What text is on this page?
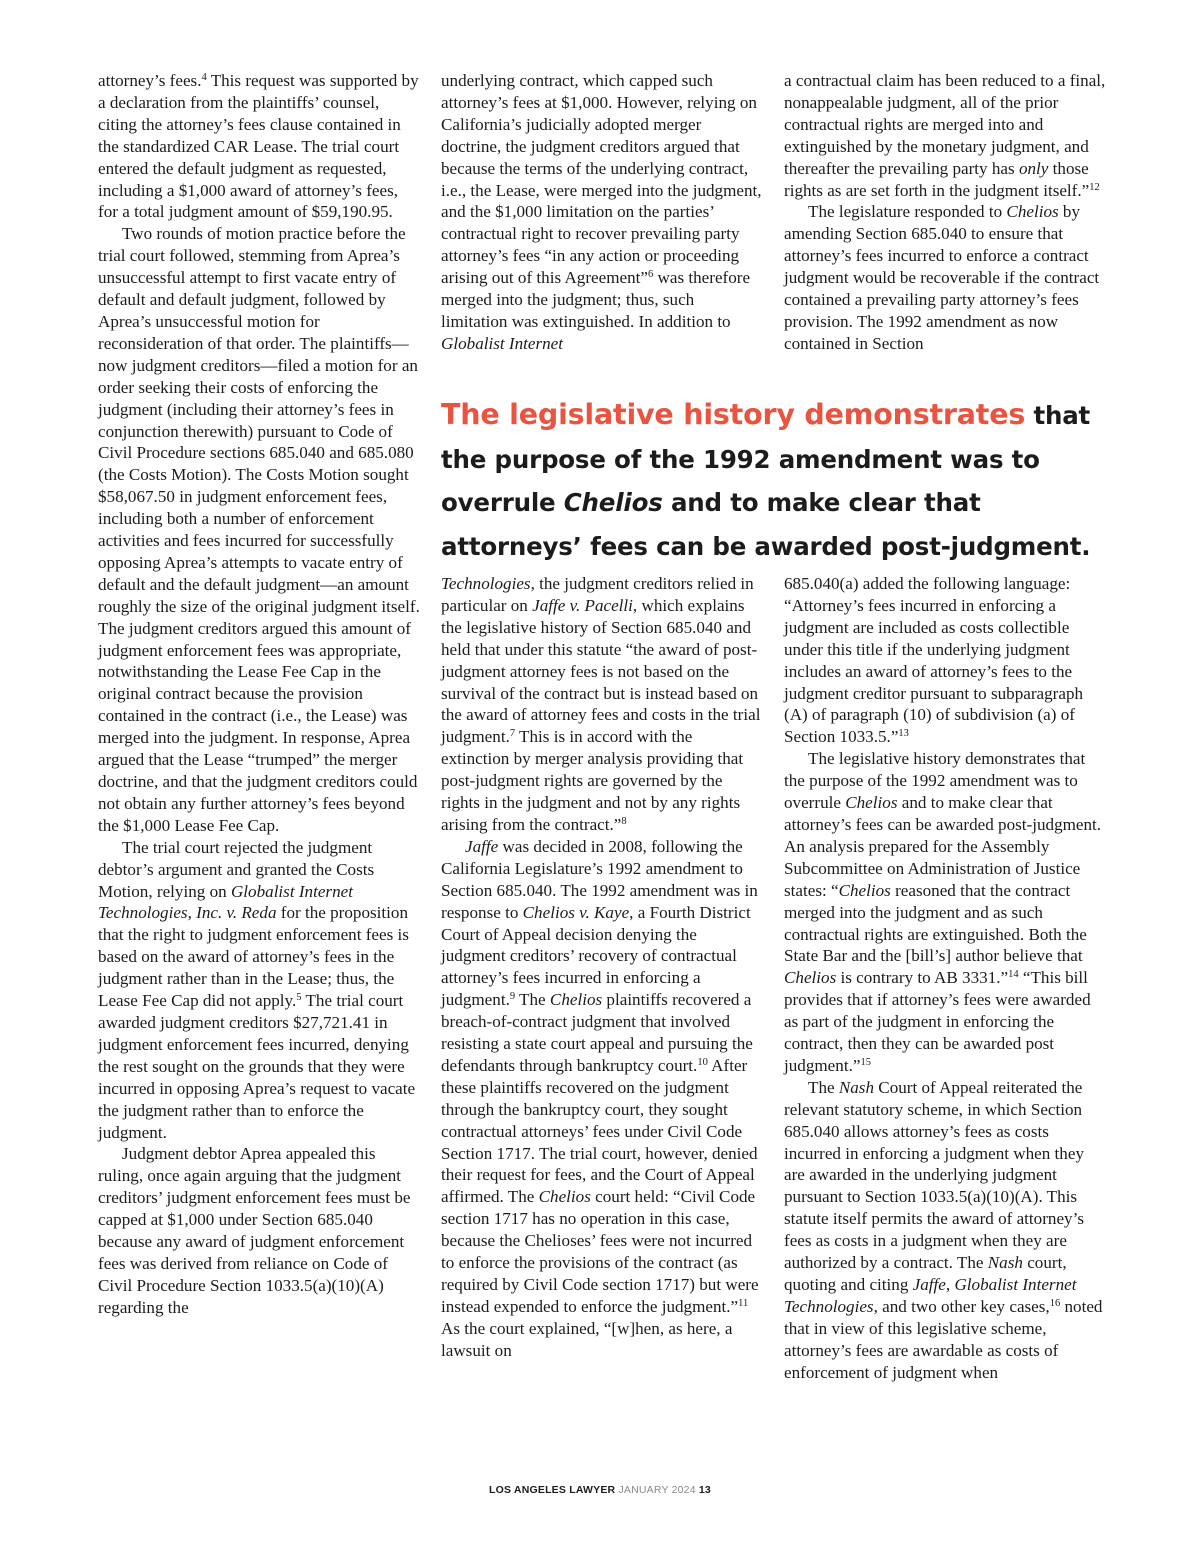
attorney’s fees.$^4$ This request was supported by a declaration from the plaintiffs’ counsel, citing the attorney’s fees clause contained in the standardized CAR Lease. The trial court entered the default judgment as requested, including a $1,000 award of attorney’s fees, for a total judgment amount of $59,190.95.

Two rounds of motion practice before the trial court followed, stemming from Aprea’s unsuccessful attempt to first vacate entry of default and default judgment, followed by Aprea’s unsuccessful motion for reconsideration of that order. The plaintiffs—now judgment creditors—filed a motion for an order seeking their costs of enforcing the judgment (including their attorney’s fees in conjunction therewith) pursuant to Code of Civil Procedure sections 685.040 and 685.080 (the Costs Motion). The Costs Motion sought $58,067.50 in judgment enforcement fees, including both a number of enforcement activities and fees incurred for successfully opposing Aprea’s attempts to vacate entry of default and the default judgment—an amount roughly the size of the original judgment itself. The judgment creditors argued this amount of judgment enforcement fees was appropriate, notwithstanding the Lease Fee Cap in the original contract because the provision contained in the contract (i.e., the Lease) was merged into the judgment. In response, Aprea argued that the Lease “trumped” the merger doctrine, and that the judgment creditors could not obtain any further attorney’s fees beyond the $1,000 Lease Fee Cap.

The trial court rejected the judgment debtor’s argument and granted the Costs Motion, relying on Globalist Internet Technologies, Inc. v. Reda for the proposition that the right to judgment enforcement fees is based on the award of attorney’s fees in the judgment rather than in the Lease; thus, the Lease Fee Cap did not apply.$^5$ The trial court awarded judgment creditors $27,721.41 in judgment enforcement fees incurred, denying the rest sought on the grounds that they were incurred in opposing Aprea’s request to vacate the judgment rather than to enforce the judgment.

Judgment debtor Aprea appealed this ruling, once again arguing that the judgment creditors’ judgment enforcement fees must be capped at $1,000 under Section 685.040 because any award of judgment enforcement fees was derived from reliance on Code of Civil Procedure Section 1033.5(a)(10)(A) regarding the

underlying contract, which capped such attorney’s fees at $1,000. However, relying on California’s judicially adopted merger doctrine, the judgment creditors argued that because the terms of the underlying contract, i.e., the Lease, were merged into the judgment, and the $1,000 limitation on the parties’ contractual right to recover prevailing party attorney’s fees “in any action or proceeding arising out of this Agreement”$^6$ was therefore merged into the judgment; thus, such limitation was extinguished. In addition to Globalist Internet

a contractual claim has been reduced to a final, nonappealable judgment, all of the prior contractual rights are merged into and extinguished by the monetary judgment, and thereafter the prevailing party has only those rights as are set forth in the judgment itself.”$^{12}$

The legislature responded to Chelios by amending Section 685.040 to ensure that attorney’s fees incurred to enforce a contract judgment would be recoverable if the contract contained a prevailing party attorney’s fees provision. The 1992 amendment as now contained in Section

The legislative history demonstrates that the purpose of the 1992 amendment was to overrule Chelios and to make clear that attorneys’ fees can be awarded post-judgment.

Technologies, the judgment creditors relied in particular on Jaffe v. Pacelli, which explains the legislative history of Section 685.040 and held that under this statute “the award of post-judgment attorney fees is not based on the survival of the contract but is instead based on the award of attorney fees and costs in the trial judgment.$^7$ This is in accord with the extinction by merger analysis providing that post-judgment rights are governed by the rights in the judgment and not by any rights arising from the contract.”$^8$

Jaffe was decided in 2008, following the California Legislature’s 1992 amendment to Section 685.040. The 1992 amendment was in response to Chelios v. Kaye, a Fourth District Court of Appeal decision denying the judgment creditors’ recovery of contractual attorney’s fees incurred in enforcing a judgment.$^9$ The Chelios plaintiffs recovered a breach-of-contract judgment that involved resisting a state court appeal and pursuing the defendants through bankruptcy court.$^{10}$ After these plaintiffs recovered on the judgment through the bankruptcy court, they sought contractual attorneys’ fees under Civil Code Section 1717. The trial court, however, denied their request for fees, and the Court of Appeal affirmed. The Chelios court held: “Civil Code section 1717 has no operation in this case, because the Chelioses’ fees were not incurred to enforce the provisions of the contract (as required by Civil Code section 1717) but were instead expended to enforce the judgment.”$^{11}$ As the court explained, “[w]hen, as here, a lawsuit on

685.040(a) added the following language: “Attorney’s fees incurred in enforcing a judgment are included as costs collectible under this title if the underlying judgment includes an award of attorney’s fees to the judgment creditor pursuant to subparagraph (A) of paragraph (10) of subdivision (a) of Section 1033.5.”$^{13}$

The legislative history demonstrates that the purpose of the 1992 amendment was to overrule Chelios and to make clear that attorney’s fees can be awarded post-judgment. An analysis prepared for the Assembly Subcommittee on Administration of Justice states: “Chelios reasoned that the contract merged into the judgment and as such contractual rights are extinguished. Both the State Bar and the [bill’s] author believe that Chelios is contrary to AB 3331.”$^{14}$ “This bill provides that if attorney’s fees were awarded as part of the judgment in enforcing the contract, then they can be awarded post judgment.”$^{15}$

The Nash Court of Appeal reiterated the relevant statutory scheme, in which Section 685.040 allows attorney’s fees as costs incurred in enforcing a judgment when they are awarded in the underlying judgment pursuant to Section 1033.5(a)(10)(A). This statute itself permits the award of attorney’s fees as costs in a judgment when they are authorized by a contract. The Nash court, quoting and citing Jaffe, Globalist Internet Technologies, and two other key cases,$^{16}$ noted that in view of this legislative scheme, attorney’s fees are awardable as costs of enforcement of judgment when

LOS ANGELES LAWYER JANUARY 2024 13
